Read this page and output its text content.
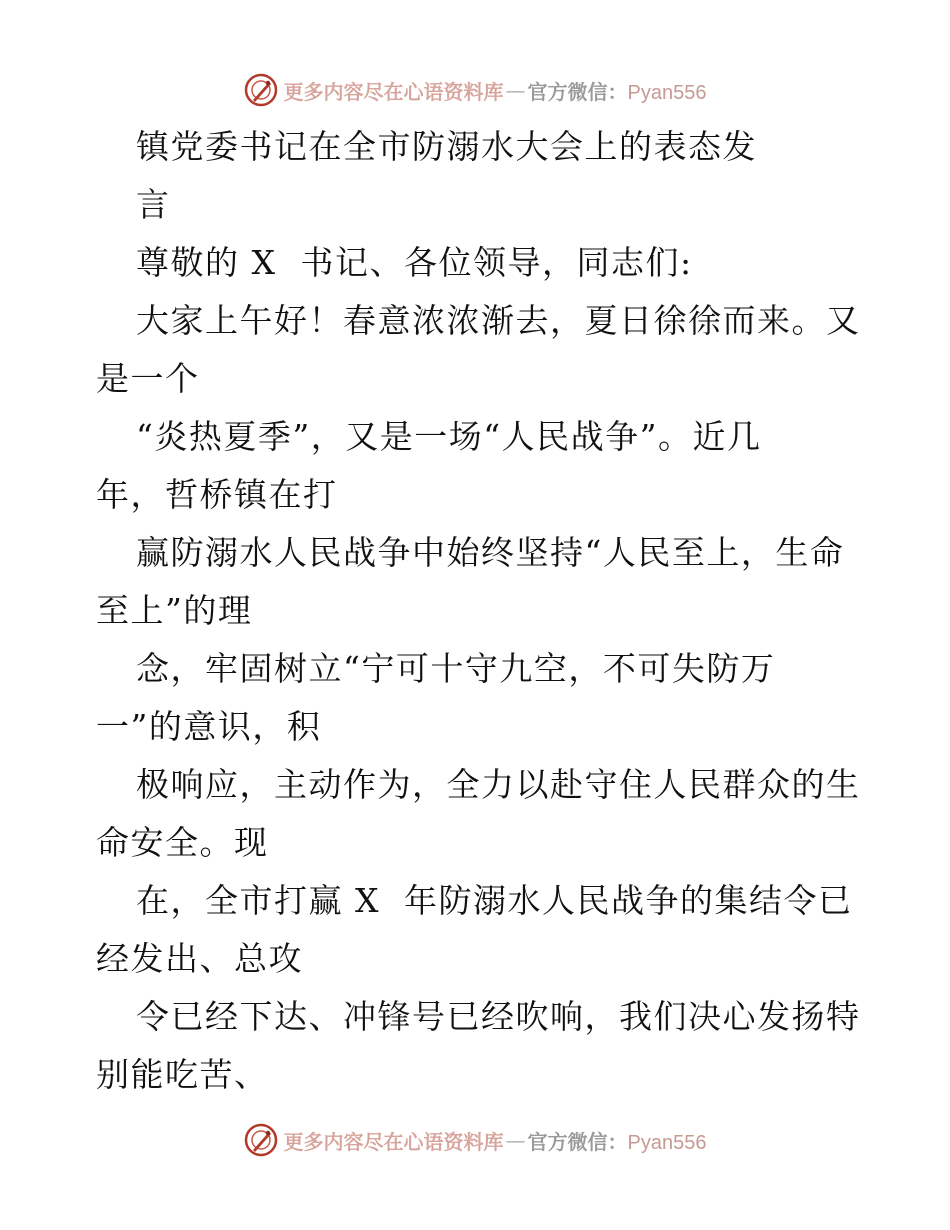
更多内容尽在心语资料库 — 官方微信：Pyan556
镇党委书记在全市防溺水大会上的表态发
言
尊敬的 X  书记、各位领导，同志们:
大家上午好！春意浓浓渐去，夏日徐徐而来。又
是一个
“炎热夏季”，又是一场“人民战争”。近几
年，哲桥镇在打
赢防溺水人民战争中始终坚持“人民至上，生命
至上”的理
念，牢固树立“宁可十守九空，不可失防万
一”的意识，积
极响应，主动作为，全力以赴守住人民群众的生
命安全。现
在，全市打赢 X  年防溺水人民战争的集结令已
经发出、总攻
令已经下达、冲锋号已经吹响，我们决心发扬特
别能吃苦、
更多内容尽在心语资料库 — 官方微信：Pyan556
